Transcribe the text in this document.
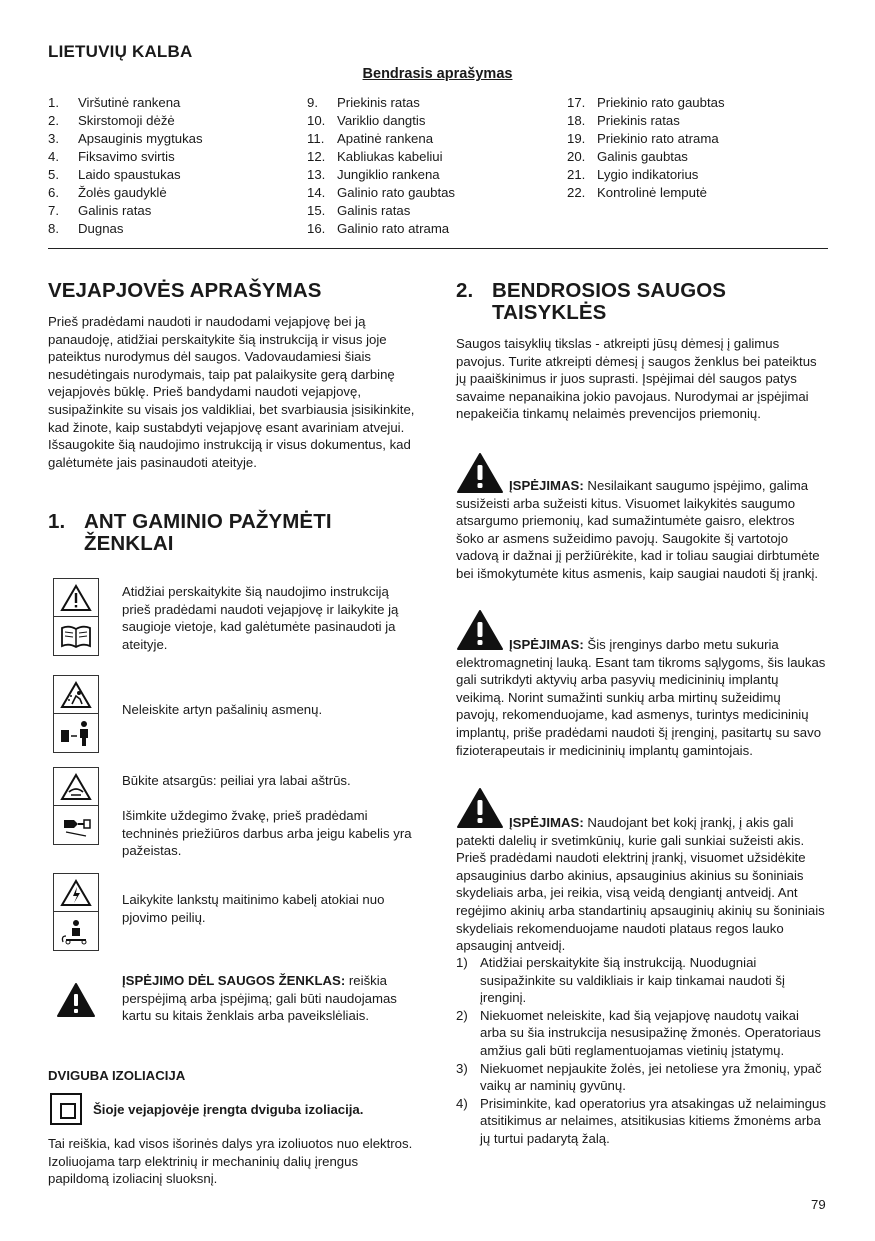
LIETUVIŲ KALBA
Bendrasis aprašymas
1. Viršutinė rankena
2. Skirstomoji dėžė
3. Apsauginis mygtukas
4. Fiksavimo svirtis
5. Laido spaustukas
6. Žolės gaudyklė
7. Galinis ratas
8. Dugnas
9. Priekinis ratas
10. Variklio dangtis
11. Apatinė rankena
12. Kabliukas kabeliui
13. Jungiklio rankena
14. Galinio rato gaubtas
15. Galinis ratas
16. Galinio rato atrama
17. Priekinio rato gaubtas
18. Priekinis ratas
19. Priekinio rato atrama
20. Galinis gaubtas
21. Lygio indikatorius
22. Kontrolinė lemputė
VEJAPJOVĖS APRAŠYMAS
Prieš pradėdami naudoti ir naudodami vejapjovę bei ją panaudoję, atidžiai perskaitykite šią instrukciją ir visus joje pateiktus nurodymus dėl saugos. Vadovaudamiesi šiais nesudėtingais nurodymais, taip pat palaikysite gerą darbinę vejapjovės būklę. Prieš bandydami naudoti vejapjovę, susipažinkite su visais jos valdikliai, bet svarbiausia įsisikinkite, kad žinote, kaip sustabdyti vejapjovę esant avariniam atvejui. Išsaugokite šią naudojimo instrukciją ir visus dokumentus, kad galėtumėte jais pasinaudoti ateityje.
1. ANT GAMINIO PAŽYMĖTI ŽENKLAI
Atidžiai perskaitykite šią naudojimo instrukciją prieš pradėdami naudoti vejapjovę ir laikykite ją saugioje vietoje, kad galėtumėte pasinaudoti ja ateityje.
Neleiskite artyn pašalinių asmenų.
Būkite atsargūs: peiliai yra labai aštrūs.
Išimkite uždegimo žvakę, prieš pradėdami techninės priežiūros darbus arba jeigu kabelis yra pažeistas.
Laikykite lankstų maitinimo kabelį atokiai nuo pjovimo peilių.
ĮSPĖJIMO DĖL SAUGOS ŽENKLAS: reiškia perspėjimą arba įspėjimą; gali būti naudojamas kartu su kitais ženklais arba paveikslėliais.
DVIGUBA IZOLIACIJA
Šioje vejapjovėje įrengta dviguba izoliacija.
Tai reiškia, kad visos išorinės dalys yra izoliuotos nuo elektros. Izoliuojama tarp elektrinių ir mechaninių dalių įrengus papildomą izoliacinį sluoksnį.
2. BENDROSIOS SAUGOS TAISYKLĖS
Saugos taisyklių tikslas - atkreipti jūsų dėmesį į galimus pavojus. Turite atkreipti dėmesį į saugos ženklus bei pateiktus jų paaiškinimus ir juos suprasti. Įspėjimai dėl saugos patys savaime nepanaikina jokio pavojaus. Nurodymai ar įspėjimai nepakeičia tinkamų nelaimės prevencijos priemonių.
ĮSPĖJIMAS: Nesilaikant saugumo įspėjimo, galima susižeisti arba sužeisti kitus. Visuomet laikykitės saugumo atsargumo priemonių, kad sumažintumėte gaisro, elektros šoko ar asmens sužeidimo pavojų. Saugokite šį vartotojo vadovą ir dažnai jį peržiūrėkite, kad ir toliau saugiai dirbtumėte bei išmokytumėte kitus asmenis, kaip saugiai naudoti šį įrankį.
ĮSPĖJIMAS: Šis įrenginys darbo metu sukuria elektromagnetinį lauką. Esant tam tikroms sąlygoms, šis laukas gali sutrikdyti aktyvių arba pasyvių medicininių implantų veikimą. Norint sumažinti sunkių arba mirtinų sužeidimų pavojų, rekomenduojame, kad asmenys, turintys medicininių implantų, priše pradėdami naudoti šį įrenginį, pasitartų su savo fizioterapeutais ir medicininių implantų gamintojais.
ĮSPĖJIMAS: Naudojant bet kokį įrankį, į akis gali patekti dalelių ir svetimkūnių, kurie gali sunkiai sužeisti akis. Prieš pradėdami naudoti elektrinį įrankį, visuomet užsidėkite apsauginius darbo akinius, apsauginius akinius su šoniniais skydeliais arba, jei reikia, visą veidą dengiantį antveidį. Ant regėjimo akinių arba standartinių apsauginių akinių su šoniniais skydeliais rekomenduojame naudoti plataus regos lauko apsauginį antveidį.
1) Atidžiai perskaitykite šią instrukciją. Nuodugniai susipažinkite su valdikliais ir kaip tinkamai naudoti šį įrenginį.
2) Niekuomet neleiskite, kad šią vejapjovę naudotų vaikai arba su šia instrukcija nesusipažinę žmonės. Operatoriaus amžius gali būti reglamentuojamas vietinių įstatymų.
3) Niekuomet nepjaukite žolės, jei netoliese yra žmonių, ypač vaikų ar naminių gyvūnų.
4) Prisiminkite, kad operatorius yra atsakingas už nelaimingus atsitikimus ar nelaimes, atsitikusias kitiems žmonėms arba jų turtui padarytą žalą.
79
